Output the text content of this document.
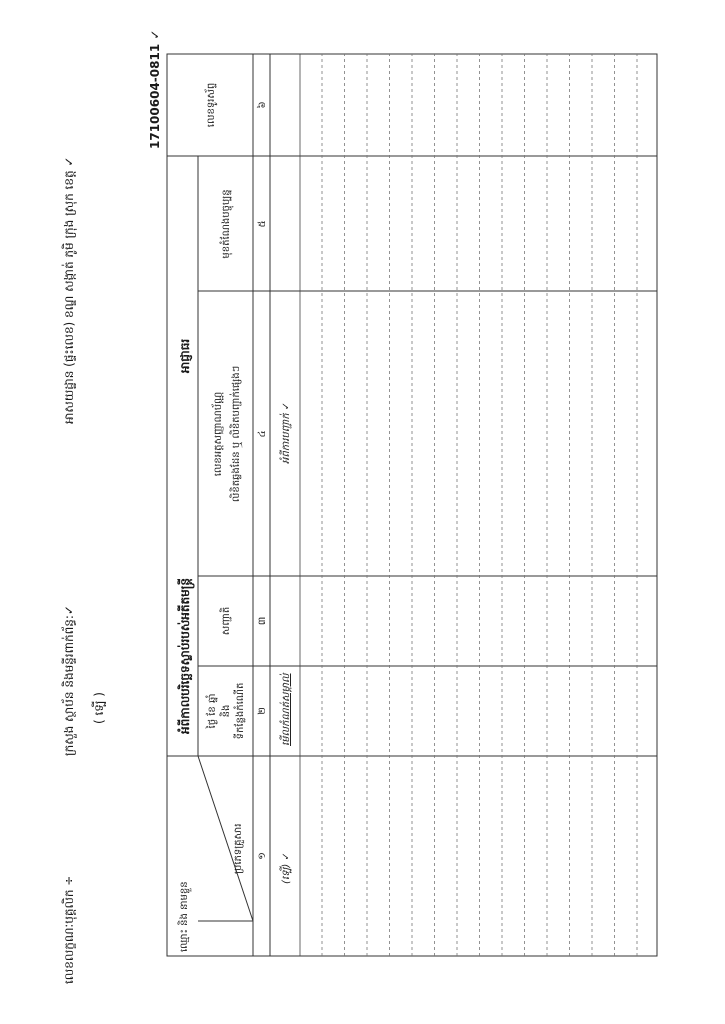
លេខលក្ខណៈបុគ្គលិក ÷
ក្រសួង ស្ថាប័ន និងមន្ទីរពាក់ព័ន្ធ:✓ ( ទ្បើ )
អាសយដ្ឋាន (ផ្ទះលេខ) ខណ្ឌ សង្កាត់ ភូមិ ក្រុង ស្រុក ខេត្ត ✓
17100604-0811 ✓
អំពីកាលបរិច្ឆេទស្លាប់របស់អតីតមន្ត្រី
អាជ្ញាធរ
ឈ្មោះ និង នាមខ្លួន
ប្រភេទគ្រួសារ
ថ្ងៃ ខែ ឆ្នាំ និង ទីកន្លែងកំណើត
សញ្ជាតិ
លេខអត្តសញ្ញាណប័ណ្ណ លិខិតឆ្លងដែន ឬ លិខិតបញ្ជាក់ផ្សេងៗ
មុខតំណែងបច្ចុប្បន្ន
លេខទូរស័ព្ទ
១
២
៣
៤
៥
៦
(ទ្បើ) ✓
មើលកំណត់សម្គាល់
អំពីការបញ្ជាក់ ✓
